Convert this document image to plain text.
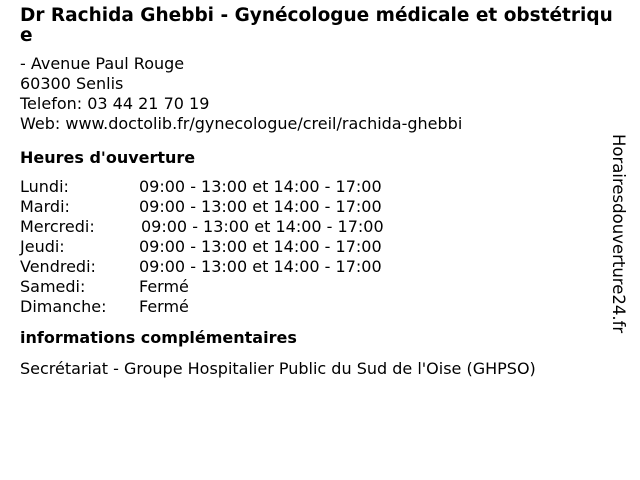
Dr Rachida Ghebbi - Gynécologue médicale et obstétrique
- Avenue Paul Rouge
60300 Senlis
Telefon: 03 44 21 70 19
Web: www.doctolib.fr/gynecologue/creil/rachida-ghebbi
Heures d'ouverture
Lundi:	09:00 - 13:00 et 14:00 - 17:00
Mardi:	09:00 - 13:00 et 14:00 - 17:00
Mercredi:	09:00 - 13:00 et 14:00 - 17:00
Jeudi:	09:00 - 13:00 et 14:00 - 17:00
Vendredi:	09:00 - 13:00 et 14:00 - 17:00
Samedi:	Fermé
Dimanche: Fermé
informations complémentaires
Secrétariat - Groupe Hospitalier Public du Sud de l'Oise (GHPSO)
Horairesdouverture24.fr
